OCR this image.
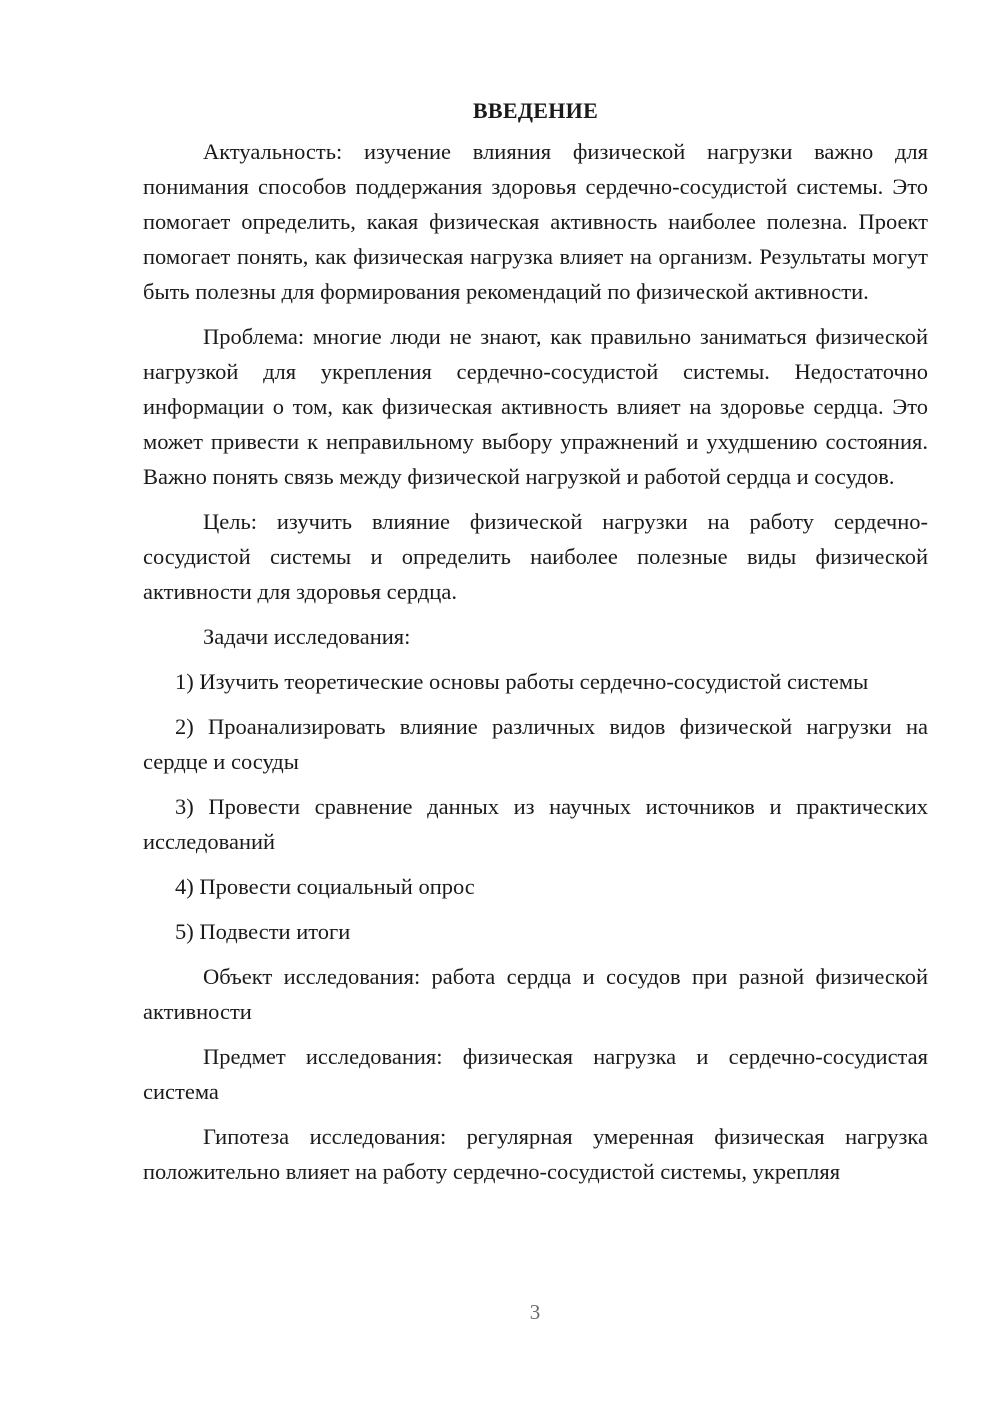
ВВЕДЕНИЕ

Актуальность: изучение влияния физической нагрузки важно для понимания способов поддержания здоровья сердечно-сосудистой системы. Это помогает определить, какая физическая активность наиболее полезна. Проект помогает понять, как физическая нагрузка влияет на организм. Результаты могут быть полезны для формирования рекомендаций по физической активности.

Проблема: многие люди не знают, как правильно заниматься физической нагрузкой для укрепления сердечно-сосудистой системы. Недостаточно информации о том, как физическая активность влияет на здоровье сердца. Это может привести к неправильному выбору упражнений и ухудшению состояния. Важно понять связь между физической нагрузкой и работой сердца и сосудов.

Цель: изучить влияние физической нагрузки на работу сердечно-сосудистой системы и определить наиболее полезные виды физической активности для здоровья сердца.

Задачи исследования:

1) Изучить теоретические основы работы сердечно-сосудистой системы

2) Проанализировать влияние различных видов физической нагрузки на сердце и сосуды

3) Провести сравнение данных из научных источников и практических исследований

4) Провести социальный опрос

5) Подвести итоги

Объект исследования: работа сердца и сосудов при разной физической активности

Предмет исследования: физическая нагрузка и сердечно-сосудистая система

Гипотеза исследования: регулярная умеренная физическая нагрузка положительно влияет на работу сердечно-сосудистой системы, укрепляя

3
